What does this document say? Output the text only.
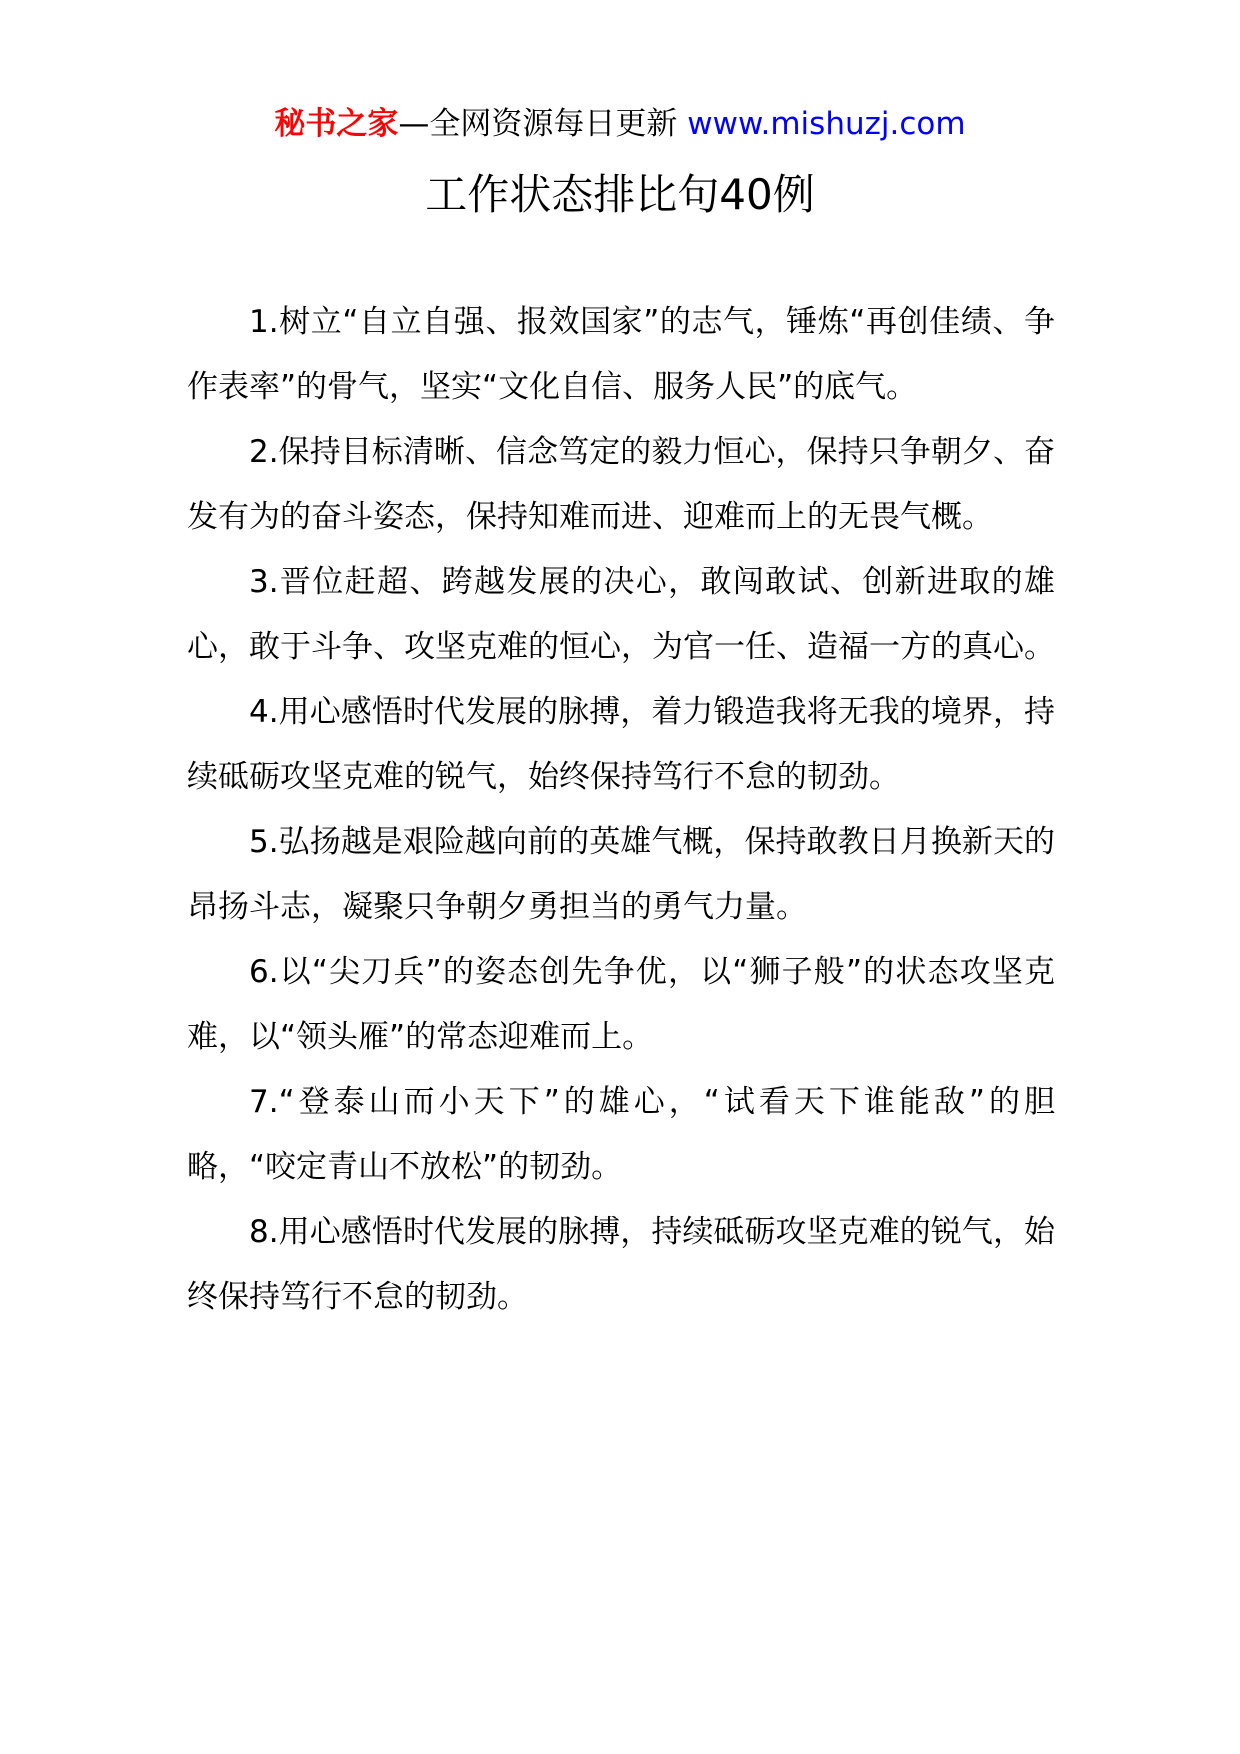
秘书之家—全网资源每日更新 www.mishuzj.com
工作状态排比句40例

1.树立“自立自强、报效国家”的志气，锤炼“再创佳绩、争作表率”的骨气，坚实“文化自信、服务人民”的底气。

2.保持目标清晰、信念笃定的毅力恒心，保持只争朝夕、奋发有为的奋斗姿态，保持知难而进、迎难而上的无畏气概。

3.晋位赶超、跨越发展的决心，敢闯敢试、创新进取的雄心，敢于斗争、攻坚克难的恒心，为官一任、造福一方的真心。

4.用心感悟时代发展的脉搏，着力锻造我将无我的境界，持续砥砺攻坚克难的锐气，始终保持笃行不怠的韧劲。

5.弘扬越是艰险越向前的英雄气概，保持敢教日月换新天的昂扬斗志，凝聚只争朝夕勇担当的勇气力量。

6.以“尖刀兵”的姿态创先争优，以“狮子般”的状态攻坚克难，以“领头雁”的常态迎难而上。

7.“登泰山而小天下”的雄心，“试看天下谁能敌”的胆略，“咬定青山不放松”的韧劲。

8.用心感悟时代发展的脉搏，持续砥砺攻坚克难的锐气，始终保持笃行不怠的韧劲。
